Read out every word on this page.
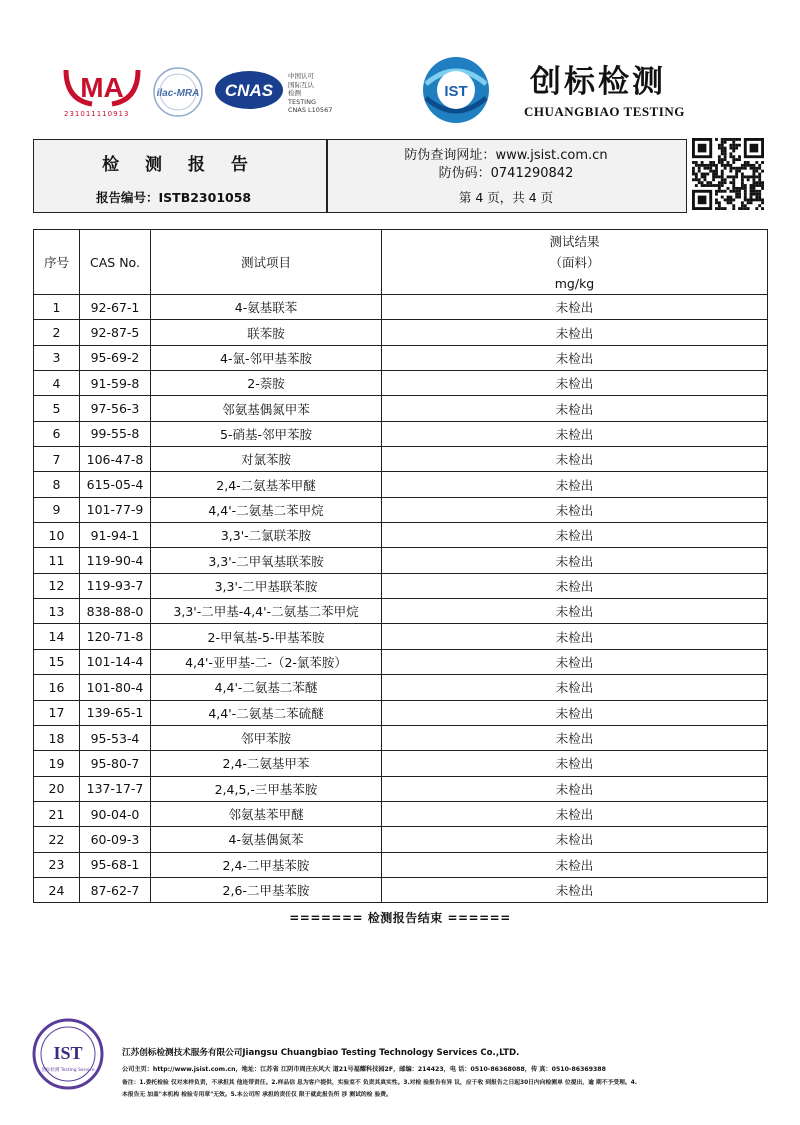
MA
231011110913
ilac-MRA CNAS
中国认可
国际互认
检测
TESTING
CNAS L10567
IST 创标检测
CHUANGBIAO TESTING
检 测 报 告
报告编号：ISTB2301058
防伪查询网址：www.jsist.com.cn
防伪码：0741290842
第 4 页，共 4 页
序号	CAS No.	测试项目	测试结果
（面料）
mg/kg

1	92-67-1	4-氨基联苯	未检出
2	92-87-5	联苯胺	未检出
3	95-69-2	4-氯-邻甲基苯胺	未检出
4	91-59-8	2-萘胺	未检出
5	97-56-3	邻氨基偶氮甲苯	未检出
6	99-55-8	5-硝基-邻甲苯胺	未检出
7	106-47-8	对氯苯胺	未检出
8	615-05-4	2,4-二氨基苯甲醚	未检出
9	101-77-9	4,4'-二氨基二苯甲烷	未检出
10	91-94-1	3,3'-二氯联苯胺	未检出
11	119-90-4	3,3'-二甲氧基联苯胺	未检出
12	119-93-7	3,3'-二甲基联苯胺	未检出
13	838-88-0	3,3'-二甲基-4,4'-二氨基二苯甲烷	未检出
14	120-71-8	2-甲氧基-5-甲基苯胺	未检出
15	101-14-4	4,4'-亚甲基-二-（2-氯苯胺）	未检出
16	101-80-4	4,4'-二氨基二苯醚	未检出
17	139-65-1	4,4'-二氨基二苯硫醚	未检出
18	95-53-4	邻甲苯胺	未检出
19	95-80-7	2,4-二氨基甲苯	未检出
20	137-17-7	2,4,5,-三甲基苯胺	未检出
21	90-04-0	邻氨基苯甲醚	未检出
22	60-09-3	4-氨基偶氮苯	未检出
23	95-68-1	2,4-二甲基苯胺	未检出
24	87-62-7	2,6-二甲基苯胺	未检出
======= 检测报告结束 ======
IST
创标检测 Testing Service
江苏创标检测技术服务有限公司Jiangsu Chuangbiao Testing Technology Services Co.,LTD.
公司主页：http://www.jsist.com.cn，地址：江苏省 江阴市周庄东风大 道21号福耀科技园2F，邮编：214423，电 话：0510-86368088，传 真：0510-86369388
备注：1.委托检验 仅对来样负责，不承担其 他连带责任。2.样品信 息为客户提供，实验室不 负责其真实性。3.对检 验报告有异 议，应于收 到报告之日起30日内向检测单 位提出，逾 期不予受理。4.
本报告无 加盖"本机构 检验专用章"无效。5.本公司所 承担的责任仅 限于就此报告所 涉 测试的检 验费。
